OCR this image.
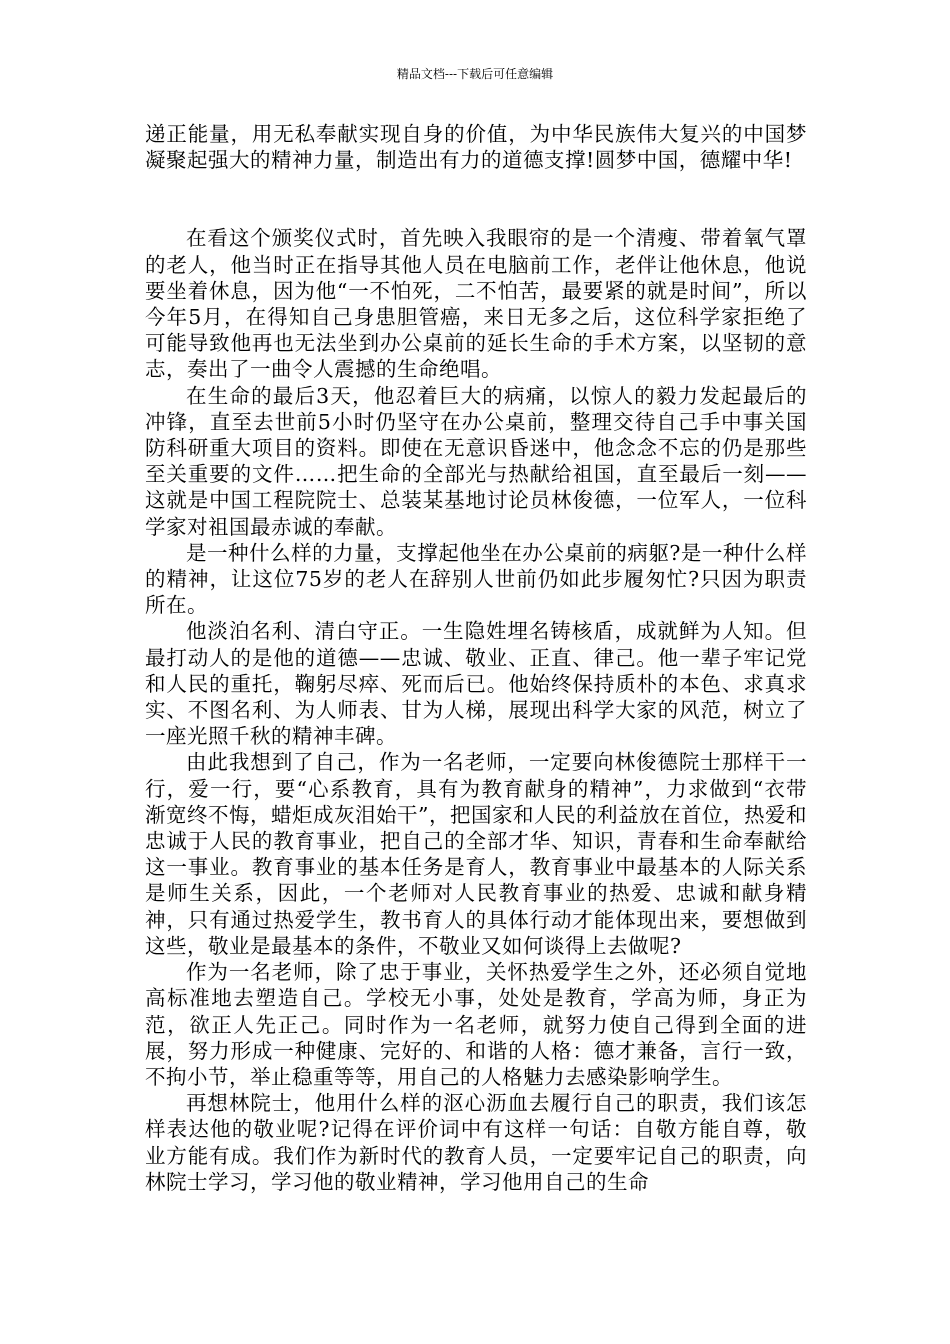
精品文档---下载后可任意编辑

递正能量，用无私奉献实现自身的价值，为中华民族伟大复兴的中国梦凝聚起强大的精神力量，制造出有力的道德支撑!圆梦中国，德耀中华!

在看这个颁奖仪式时，首先映入我眼帘的是一个清瘦、带着氧气罩的老人，他当时正在指导其他人员在电脑前工作，老伴让他休息，他说要坐着休息，因为他“一不怕死，二不怕苦，最要紧的就是时间”，所以今年5月，在得知自己身患胆管癌，来日无多之后，这位科学家拒绝了可能导致他再也无法坐到办公桌前的延长生命的手术方案，以坚韧的意志，奏出了一曲令人震撼的生命绝唱。

在生命的最后3天，他忍着巨大的病痛，以惊人的毅力发起最后的冲锋，直至去世前5小时仍坚守在办公桌前，整理交待自己手中事关国防科研重大项目的资料。即使在无意识昏迷中，他念念不忘的仍是那些至关重要的文件……把生命的全部光与热献给祖国，直至最后一刻——这就是中国工程院院士、总装某基地讨论员林俊德，一位军人，一位科学家对祖国最赤诚的奉献。

是一种什么样的力量，支撑起他坐在办公桌前的病躯?是一种什么样的精神，让这位75岁的老人在辞别人世前仍如此步履匆忙?只因为职责所在。

他淡泊名利、清白守正。一生隐姓埋名铸核盾，成就鲜为人知。但最打动人的是他的道德——忠诚、敬业、正直、律己。他一辈子牢记党和人民的重托，鞠躬尽瘁、死而后已。他始终保持质朴的本色、求真求实、不图名利、为人师表、甘为人梯，展现出科学大家的风范，树立了一座光照千秋的精神丰碑。

由此我想到了自己，作为一名老师，一定要向林俊德院士那样干一行，爱一行，要“心系教育，具有为教育献身的精神”，力求做到“衣带渐宽终不悔，蜡炬成灰泪始干”，把国家和人民的利益放在首位，热爱和忠诚于人民的教育事业，把自己的全部才华、知识，青春和生命奉献给这一事业。教育事业的基本任务是育人，教育事业中最基本的人际关系是师生关系，因此，一个老师对人民教育事业的热爱、忠诚和献身精神，只有通过热爱学生，教书育人的具体行动才能体现出来，要想做到这些，敬业是最基本的条件，不敬业又如何谈得上去做呢?

作为一名老师，除了忠于事业，关怀热爱学生之外，还必须自觉地高标准地去塑造自己。学校无小事，处处是教育，学高为师，身正为范，欲正人先正己。同时作为一名老师，就努力使自己得到全面的进展，努力形成一种健康、完好的、和谐的人格：德才兼备，言行一致，不拘小节，举止稳重等等，用自己的人格魅力去感染影响学生。

再想林院士，他用什么样的沤心沥血去履行自己的职责，我们该怎样表达他的敬业呢?记得在评价词中有这样一句话：自敬方能自尊，敬业方能有成。我们作为新时代的教育人员，一定要牢记自己的职责，向林院士学习，学习他的敬业精神，学习他用自己的生命
